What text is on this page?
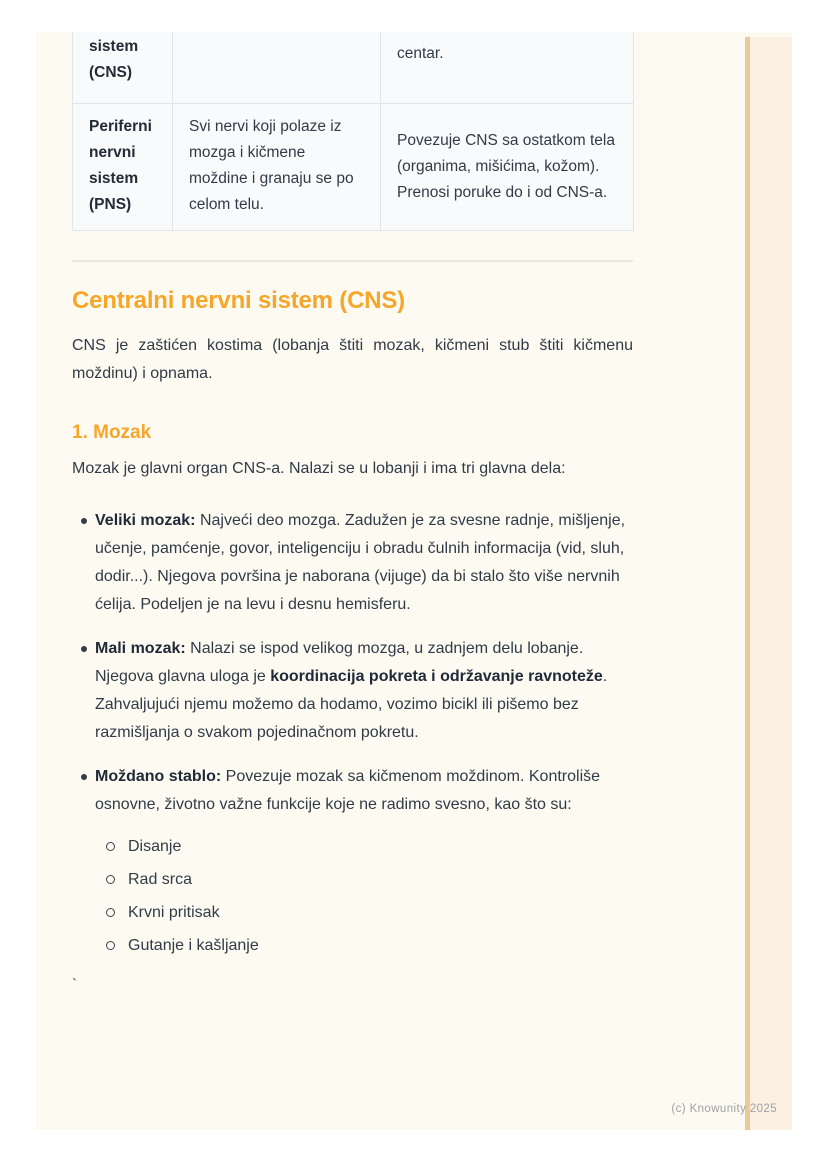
sistem (CNS)		centar.
Periferni nervni sistem (PNS)	Svi nervi koji polaze iz mozga i kičmene moždine i granaju se po celom telu.	Povezuje CNS sa ostatkom tela (organima, mišićima, kožom). Prenosi poruke do i od CNS-a.
Centralni nervni sistem (CNS)

CNS je zaštićen kostima (lobanja štiti mozak, kičmeni stub štiti kičmenu moždinu) i opnama.

1. Mozak

Mozak je glavni organ CNS-a. Nalazi se u lobanji i ima tri glavna dela:

Veliki mozak: Najveći deo mozga. Zadužen je za svesne radnje, mišljenje, učenje, pamćenje, govor, inteligenciju i obradu čulnih informacija (vid, sluh, dodir...). Njegova površina je naborana (vijuge) da bi stalo što više nervnih ćelija. Podeljen je na levu i desnu hemisferu.
Mali mozak: Nalazi se ispod velikog mozga, u zadnjem delu lobanje. Njegova glavna uloga je koordinacija pokreta i održavanje ravnoteže. Zahvaljujući njemu možemo da hodamo, vozimo bicikl ili pišemo bez razmišljanja o svakom pojedinačnom pokretu.
Moždano stablo: Povezuje mozak sa kičmenom moždinom. Kontroliše osnovne, životno važne funkcije koje ne radimo svesno, kao što su:
Disanje
Rad srca
Krvni pritisak
Gutanje i kašljanje
`
(c) Knowunity 2025
